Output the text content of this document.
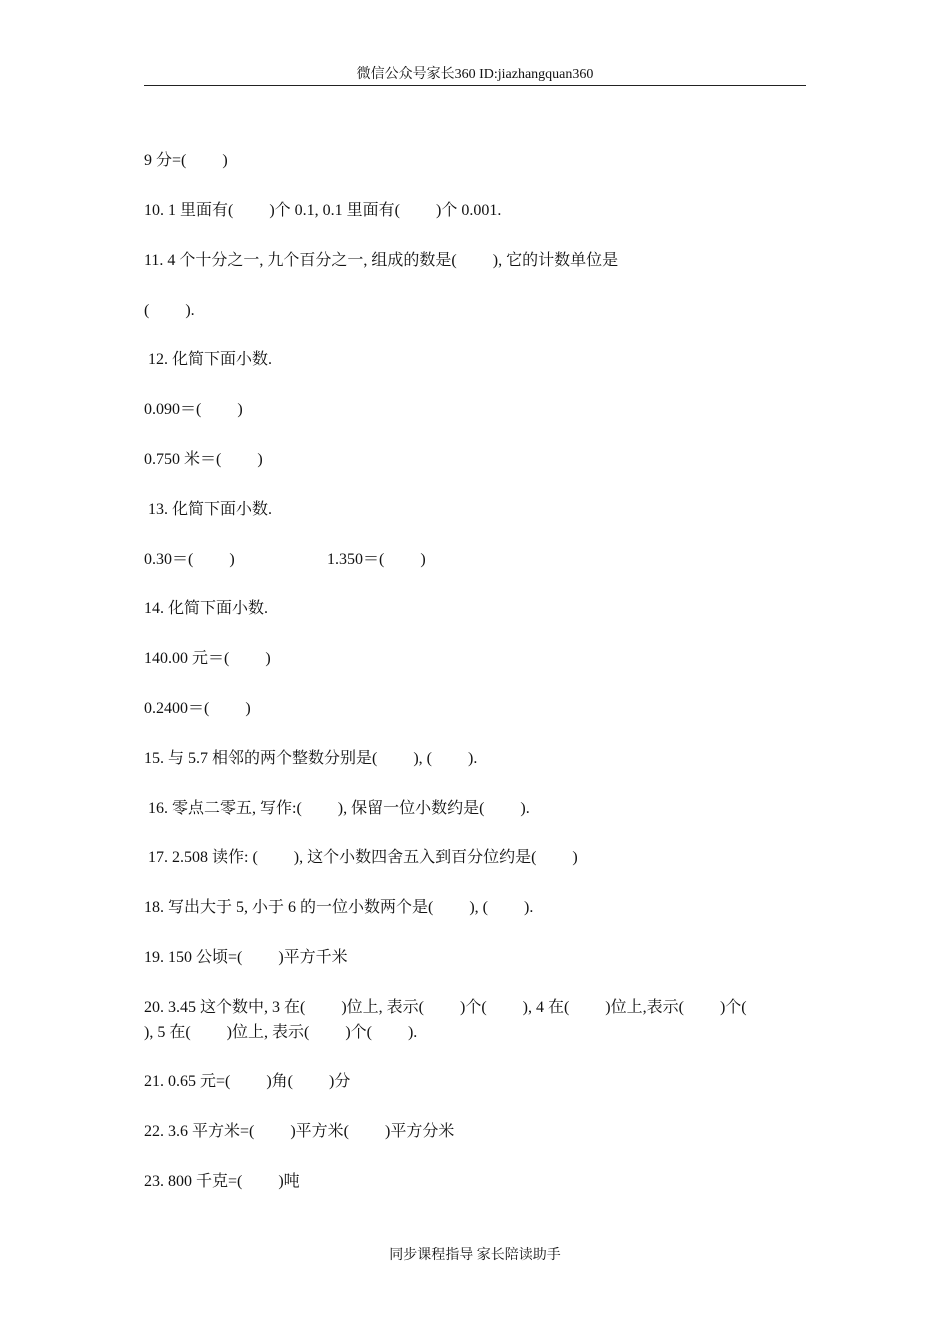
微信公众号家长360 ID:jiazhangquan360
9 分=(         )
10. 1 里面有(         )个 0.1, 0.1 里面有(         )个 0.001.
11. 4 个十分之一, 九个百分之一, 组成的数是(         ), 它的计数单位是
(         ).
12. 化简下面小数.
0.090＝(         )
0.750 米＝(         )
13. 化简下面小数.
0.30＝(         )	1.350＝(         )
14. 化简下面小数.
140.00 元＝(         )
0.2400＝(         )
15. 与 5.7 相邻的两个整数分别是(         ), (         ).
16. 零点二零五, 写作:(         ), 保留一位小数约是(         ).
17. 2.508 读作: (         ), 这个小数四舍五入到百分位约是(         )
18. 写出大于 5, 小于 6 的一位小数两个是(         ), (         ).
19. 150 公顷=(         )平方千米
20. 3.45 这个数中, 3 在(         )位上, 表示(         )个(         ), 4 在(         )位上,表示(         )个(
), 5 在(         )位上, 表示(         )个(         ).
21. 0.65 元=(         )角(         )分
22. 3.6 平方米=(         )平方米(         )平方分米
23. 800 千克=(         )吨
同步课程指导 家长陪读助手
